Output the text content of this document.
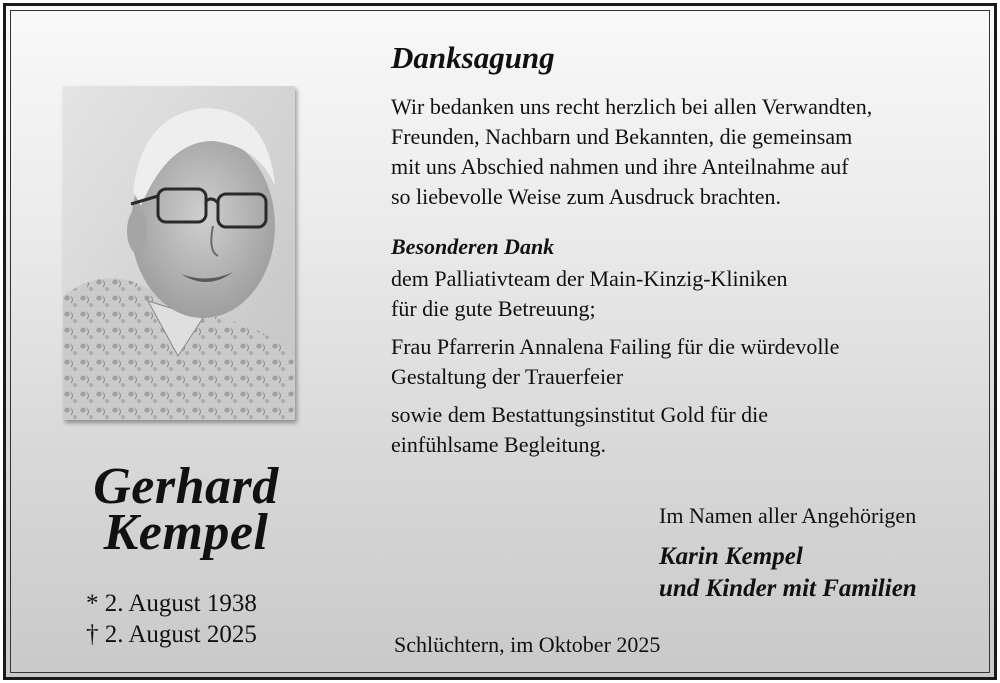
Gerhard
Kempel
* 2. August 1938
† 2. August 2025
Danksagung
Wir bedanken uns recht herzlich bei allen Verwandten,
Freunden, Nachbarn und Bekannten, die gemeinsam
mit uns Abschied nahmen und ihre Anteilnahme auf
so liebevolle Weise zum Ausdruck brachten.
Besonderen Dank
dem Palliativteam der Main-Kinzig-Kliniken
für die gute Betreuung;
Frau Pfarrerin Annalena Failing für die würdevolle
Gestaltung der Trauerfeier
sowie dem Bestattungsinstitut Gold für die
einfühlsame Begleitung.
Im Namen aller Angehörigen
Karin Kempel
und Kinder mit Familien
Schlüchtern, im Oktober 2025
